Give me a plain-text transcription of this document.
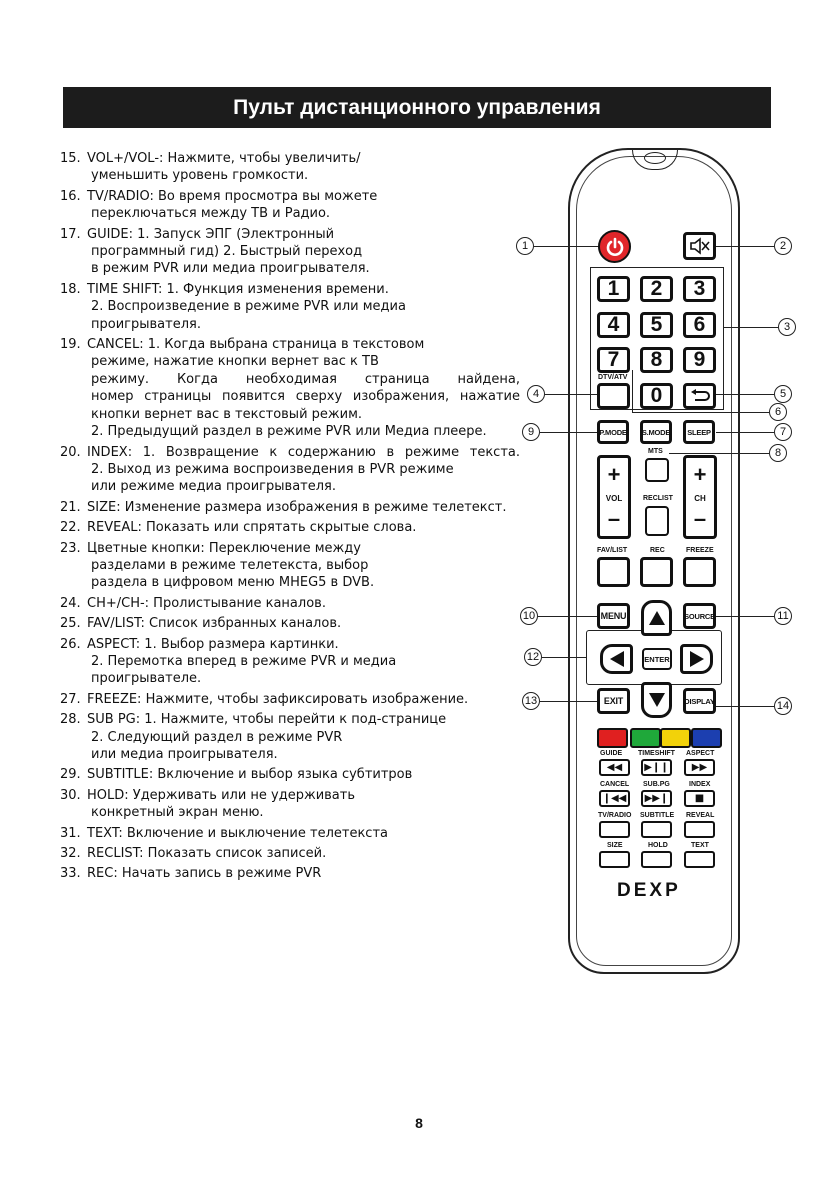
Пульт дистанционного управления
15. VOL+/VOL-: Нажмите, чтобы увеличить/
уменьшить уровень громкости.
16. TV/RADIO: Во время просмотра вы можете
переключаться между ТВ и Радио.
17. GUIDE: 1. Запуск ЭПГ (Электронный
программный гид) 2. Быстрый переход
в режим PVR или медиа проигрывателя.
18. TIME SHIFT: 1. Функция изменения времени.
2. Воспроизведение в режиме PVR или медиа
проигрывателя.
19. CANCEL: 1. Когда выбрана страница в текстовом
режиме, нажатие кнопки вернет вас к ТВ
режиму. Когда необходимая страница найдена,
номер страницы появится сверху изображения, нажатие
кнопки вернет вас в текстовый режим.
2. Предыдущий раздел в режиме PVR или Медиа плеере.
20. INDEX: 1. Возвращение к содержанию в режиме текста.
2. Выход из режима воспроизведения в PVR режиме
или режиме медиа проигрывателя.
21. SIZE: Изменение размера изображения в режиме телетекст.
22. REVEAL: Показать или спрятать скрытые слова.
23. Цветные кнопки: Переключение между
разделами в режиме телетекста, выбор
раздела в цифровом меню MHEG5 в DVB.
24. CH+/CH-: Пролистывание каналов.
25. FAV/LIST: Список избранных каналов.
26. ASPECT: 1. Выбор размера картинки.
2. Перемотка вперед в режиме PVR и медиа
проигрывателе.
27. FREEZE: Нажмите, чтобы зафиксировать изображение.
28. SUB PG: 1. Нажмите, чтобы перейти к под-странице
2. Следующий раздел в режиме PVR
или медиа проигрывателя.
29. SUBTITLE: Включение и выбор языка субтитров
30. HOLD: Удерживать или не удерживать
конкретный экран меню.
31. TEXT: Включение и выключение телетекста
32. RECLIST: Показать список записей.
33. REC: Начать запись в режиме PVR
1	2	3
4	5	6
7	8	9
DTV/ATV
0
P.MODE	S.MODE	SLEEP
+
VOL
–
+
CH
–
MTS
RECLIST
FAV/LIST	REC	FREEZE
MENU	SOURCE
ENTER
EXIT	DISPLAY
GUIDE TIMESHIFT ASPECT
◀◀	▶❙❙	▶▶
CANCEL SUB.PG	INDEX
❙◀◀	▶▶❙	■
TV/RADIO SUBTITLE REVEAL
SIZE	HOLD	TEXT
DEXP
1	2
3
4	5
6
7
8
9
10	11
12
13	14
8
